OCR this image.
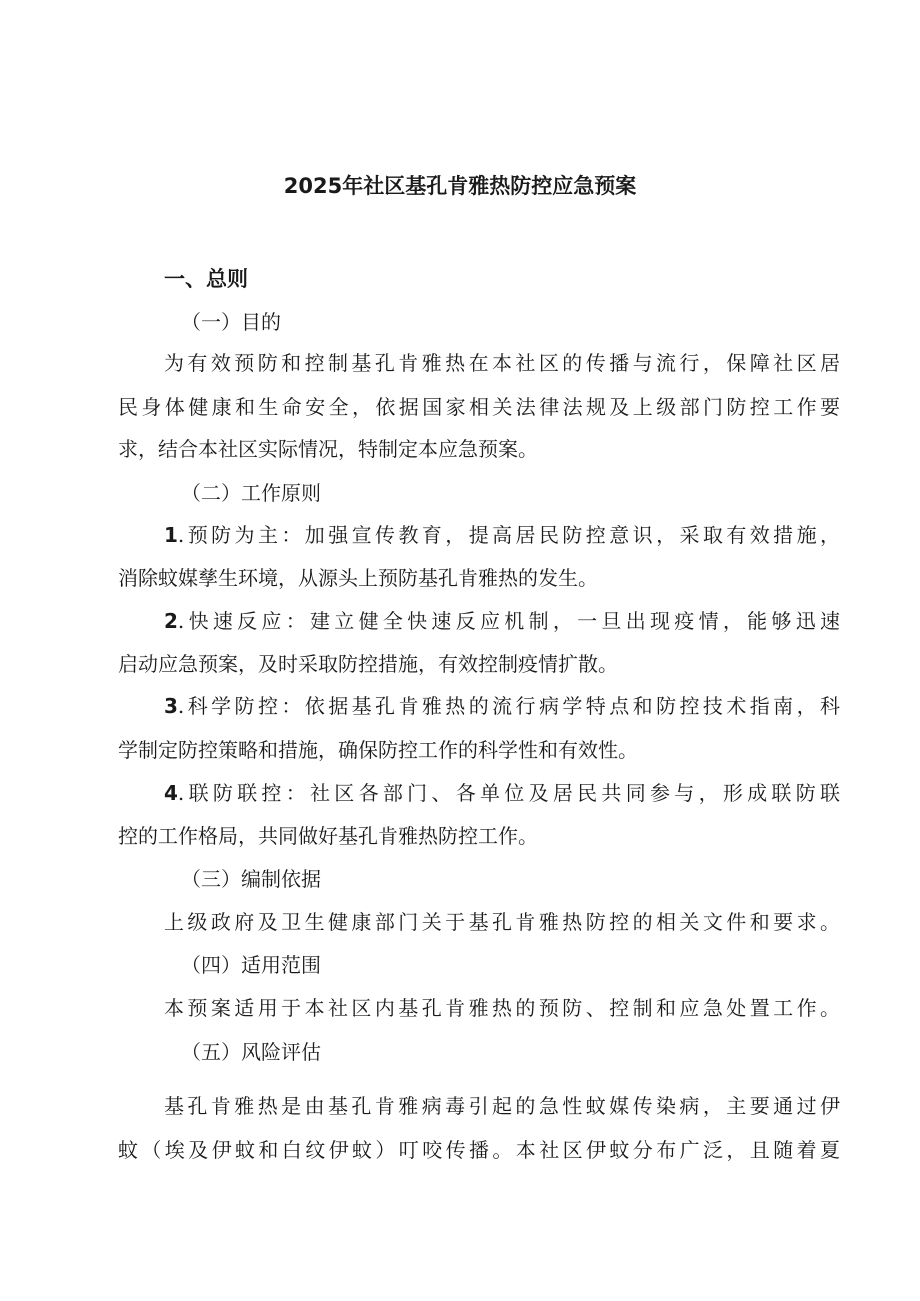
2025年社区基孔肯雅热防控应急预案
一、总则
（一）目的
为有效预防和控制基孔肯雅热在本社区的传播与流行，保障社区居
民身体健康和生命安全，依据国家相关法律法规及上级部门防控工作要
求，结合本社区实际情况，特制定本应急预案。
（二）工作原则
1.预防为主：加强宣传教育，提高居民防控意识，采取有效措施，
消除蚊媒孳生环境，从源头上预防基孔肯雅热的发生。
2.快速反应：建立健全快速反应机制，一旦出现疫情，能够迅速
启动应急预案，及时采取防控措施，有效控制疫情扩散。
3.科学防控：依据基孔肯雅热的流行病学特点和防控技术指南，科
学制定防控策略和措施，确保防控工作的科学性和有效性。
4.联防联控：社区各部门、各单位及居民共同参与，形成联防联
控的工作格局，共同做好基孔肯雅热防控工作。
（三）编制依据
上级政府及卫生健康部门关于基孔肯雅热防控的相关文件和要求。
（四）适用范围
本预案适用于本社区内基孔肯雅热的预防、控制和应急处置工作。
（五）风险评估
基孔肯雅热是由基孔肯雅病毒引起的急性蚊媒传染病，主要通过伊
蚊（埃及伊蚊和白纹伊蚊）叮咬传播。本社区伊蚊分布广泛，且随着夏
